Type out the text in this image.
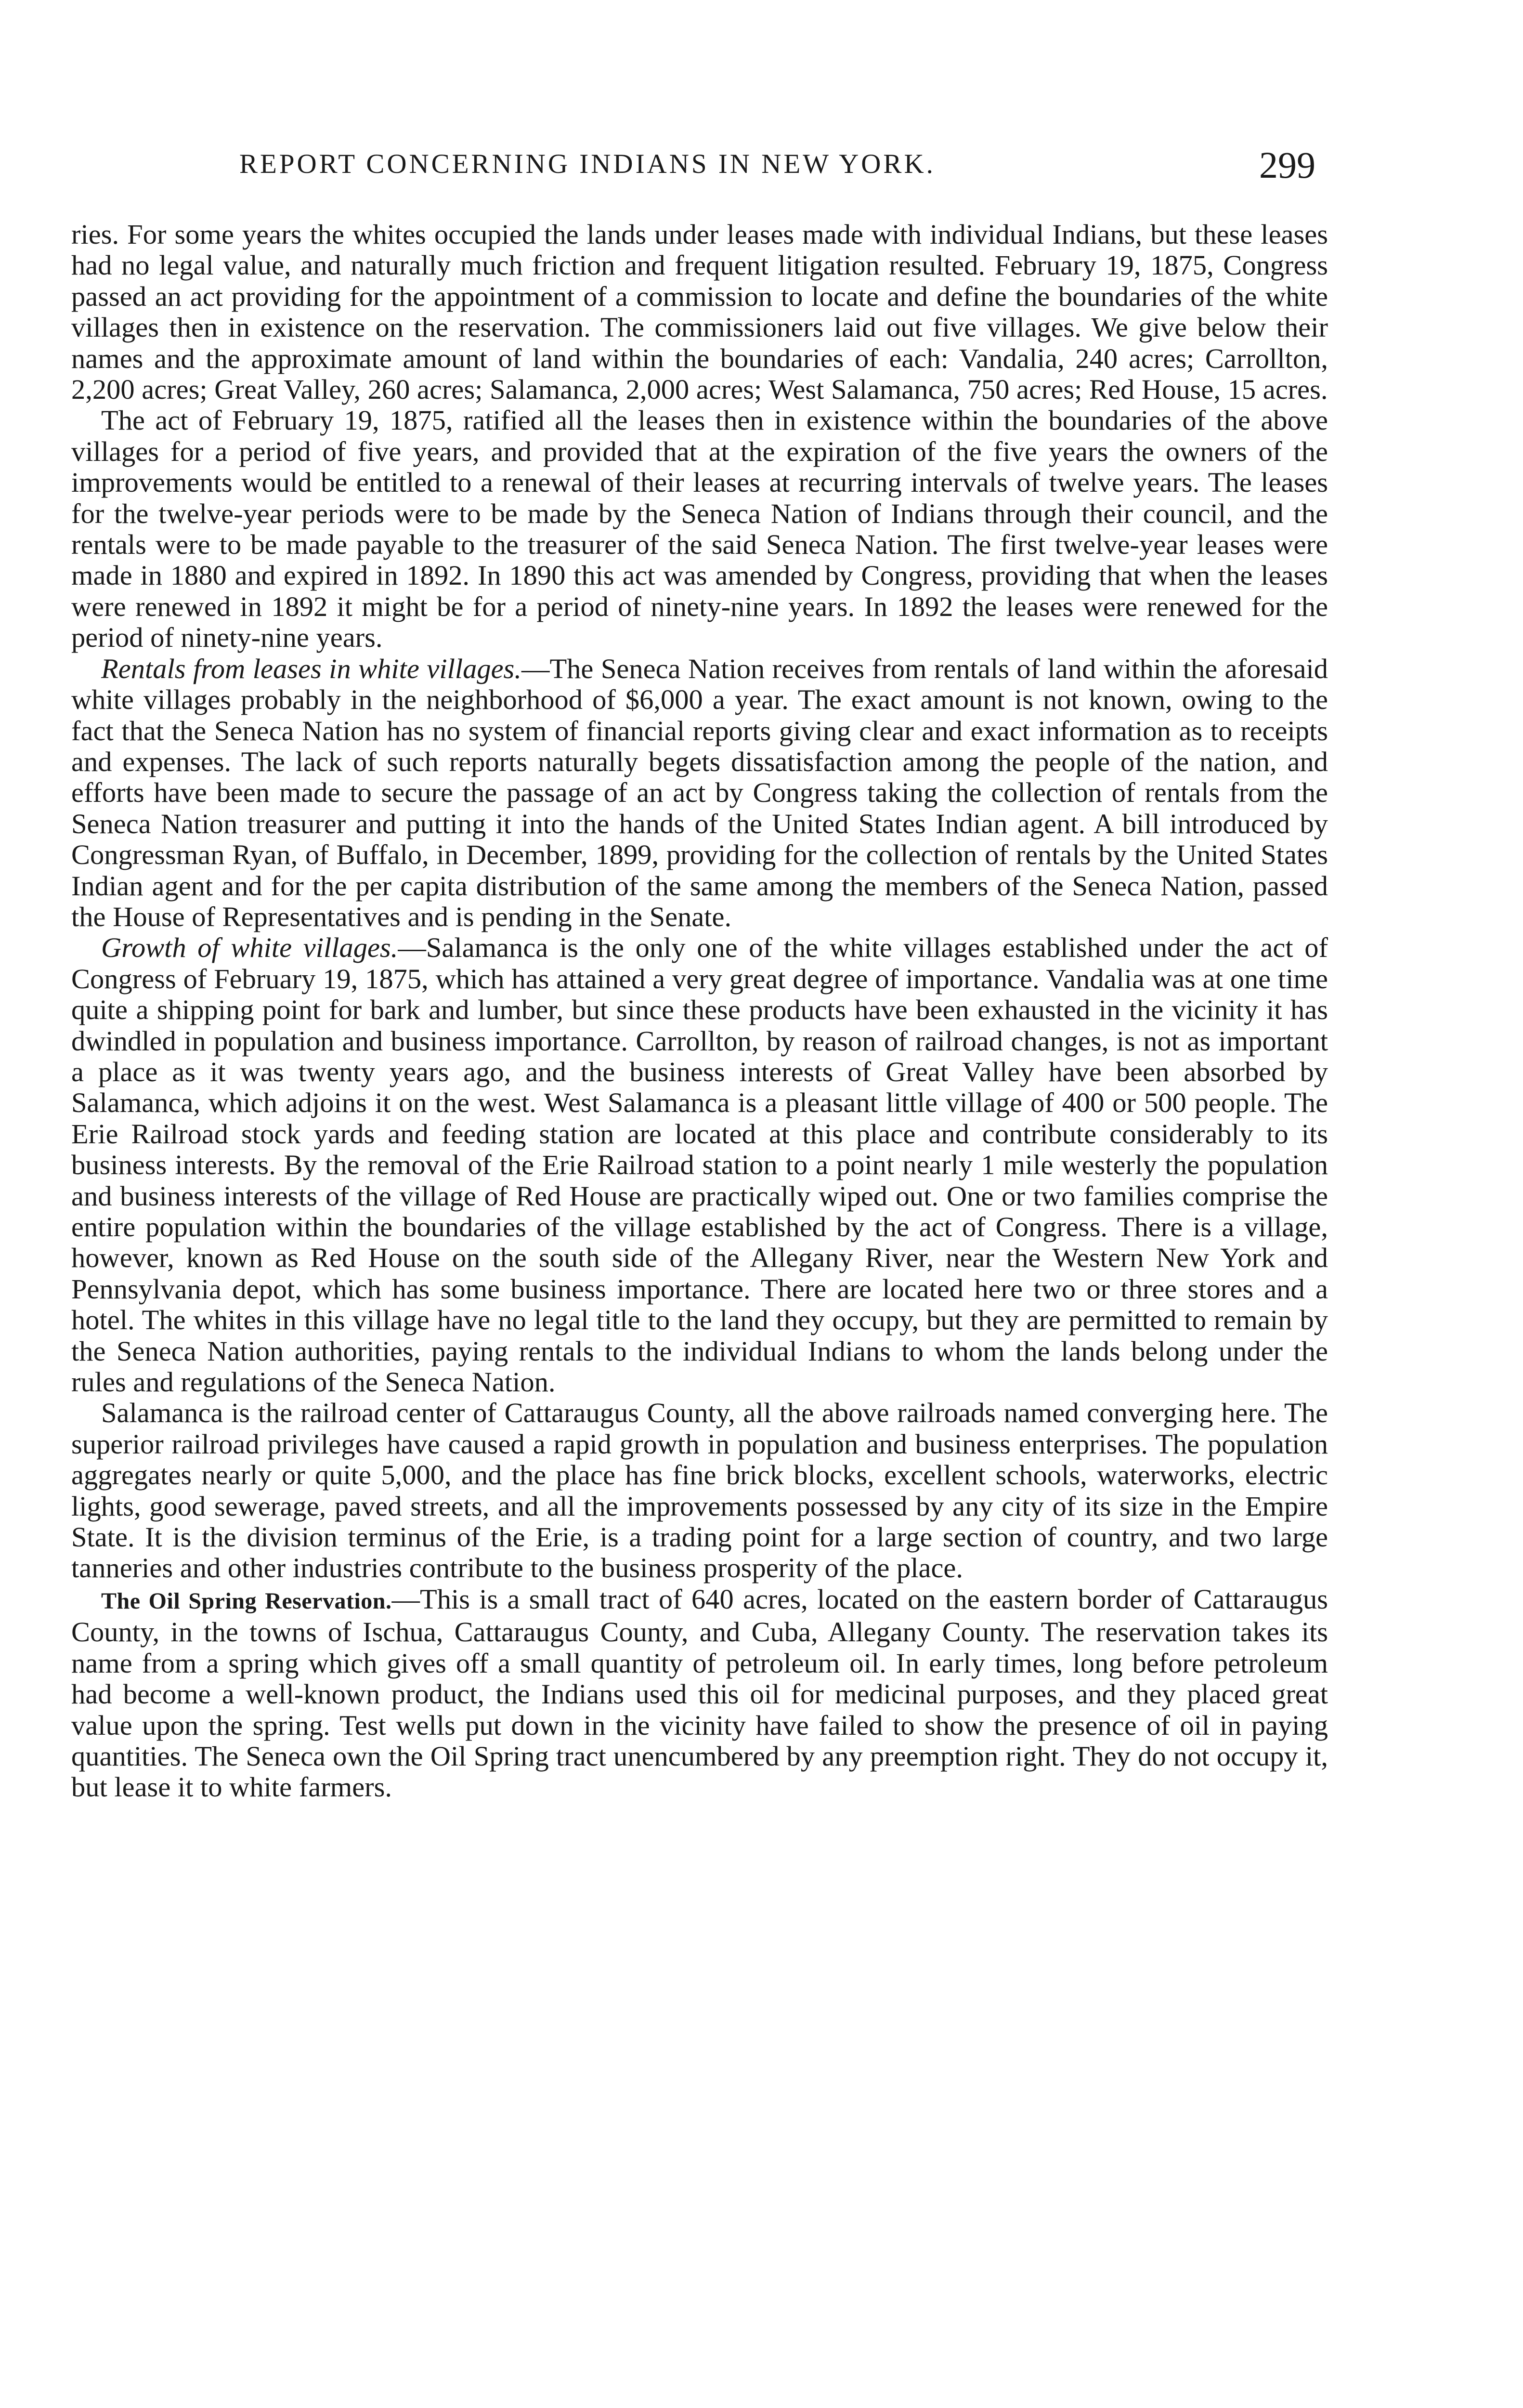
REPORT CONCERNING INDIANS IN NEW YORK.	299

ries. For some years the whites occupied the lands under leases made with individual Indians, but these leases had no legal value, and naturally much friction and frequent litigation resulted. February 19, 1875, Congress passed an act providing for the appointment of a commission to locate and define the boundaries of the white villages then in existence on the reservation. The commissioners laid out five villages. We give below their names and the approximate amount of land within the boundaries of each: Vandalia, 240 acres; Carrollton, 2,200 acres; Great Valley, 260 acres; Salamanca, 2,000 acres; West Salamanca, 750 acres; Red House, 15 acres.

The act of February 19, 1875, ratified all the leases then in existence within the boundaries of the above villages for a period of five years, and provided that at the expiration of the five years the owners of the improvements would be entitled to a renewal of their leases at recurring intervals of twelve years. The leases for the twelve-year periods were to be made by the Seneca Nation of Indians through their council, and the rentals were to be made payable to the treasurer of the said Seneca Nation. The first twelve-year leases were made in 1880 and expired in 1892. In 1890 this act was amended by Congress, providing that when the leases were renewed in 1892 it might be for a period of ninety-nine years. In 1892 the leases were renewed for the period of ninety-nine years.

Rentals from leases in white villages.—The Seneca Nation receives from rentals of land within the aforesaid white villages probably in the neighborhood of $6,000 a year. The exact amount is not known, owing to the fact that the Seneca Nation has no system of financial reports giving clear and exact information as to receipts and expenses. The lack of such reports naturally begets dissatisfaction among the people of the nation, and efforts have been made to secure the passage of an act by Congress taking the collection of rentals from the Seneca Nation treasurer and putting it into the hands of the United States Indian agent. A bill introduced by Congressman Ryan, of Buffalo, in December, 1899, providing for the collection of rentals by the United States Indian agent and for the per capita distribution of the same among the members of the Seneca Nation, passed the House of Representatives and is pending in the Senate.

Growth of white villages.—Salamanca is the only one of the white villages established under the act of Congress of February 19, 1875, which has attained a very great degree of importance. Vandalia was at one time quite a shipping point for bark and lumber, but since these products have been exhausted in the vicinity it has dwindled in population and business importance. Carrollton, by reason of railroad changes, is not as important a place as it was twenty years ago, and the business interests of Great Valley have been absorbed by Salamanca, which adjoins it on the west. West Salamanca is a pleasant little village of 400 or 500 people. The Erie Railroad stock yards and feeding station are located at this place and contribute considerably to its business interests. By the removal of the Erie Railroad station to a point nearly 1 mile westerly the population and business interests of the village of Red House are practically wiped out. One or two families comprise the entire population within the boundaries of the village established by the act of Congress. There is a village, however, known as Red House on the south side of the Allegany River, near the Western New York and Pennsylvania depot, which has some business importance. There are located here two or three stores and a hotel. The whites in this village have no legal title to the land they occupy, but they are permitted to remain by the Seneca Nation authorities, paying rentals to the individual Indians to whom the lands belong under the rules and regulations of the Seneca Nation.

Salamanca is the railroad center of Cattaraugus County, all the above railroads named converging here. The superior railroad privileges have caused a rapid growth in population and business enterprises. The population aggregates nearly or quite 5,000, and the place has fine brick blocks, excellent schools, waterworks, electric lights, good sewerage, paved streets, and all the improvements possessed by any city of its size in the Empire State. It is the division terminus of the Erie, is a trading point for a large section of country, and two large tanneries and other industries contribute to the business prosperity of the place.

The Oil Spring Reservation.—This is a small tract of 640 acres, located on the eastern border of Cattaraugus County, in the towns of Ischua, Cattaraugus County, and Cuba, Allegany County. The reservation takes its name from a spring which gives off a small quantity of petroleum oil. In early times, long before petroleum had become a well-known product, the Indians used this oil for medicinal purposes, and they placed great value upon the spring. Test wells put down in the vicinity have failed to show the presence of oil in paying quantities. The Seneca own the Oil Spring tract unencumbered by any preemption right. They do not occupy it, but lease it to white farmers.
